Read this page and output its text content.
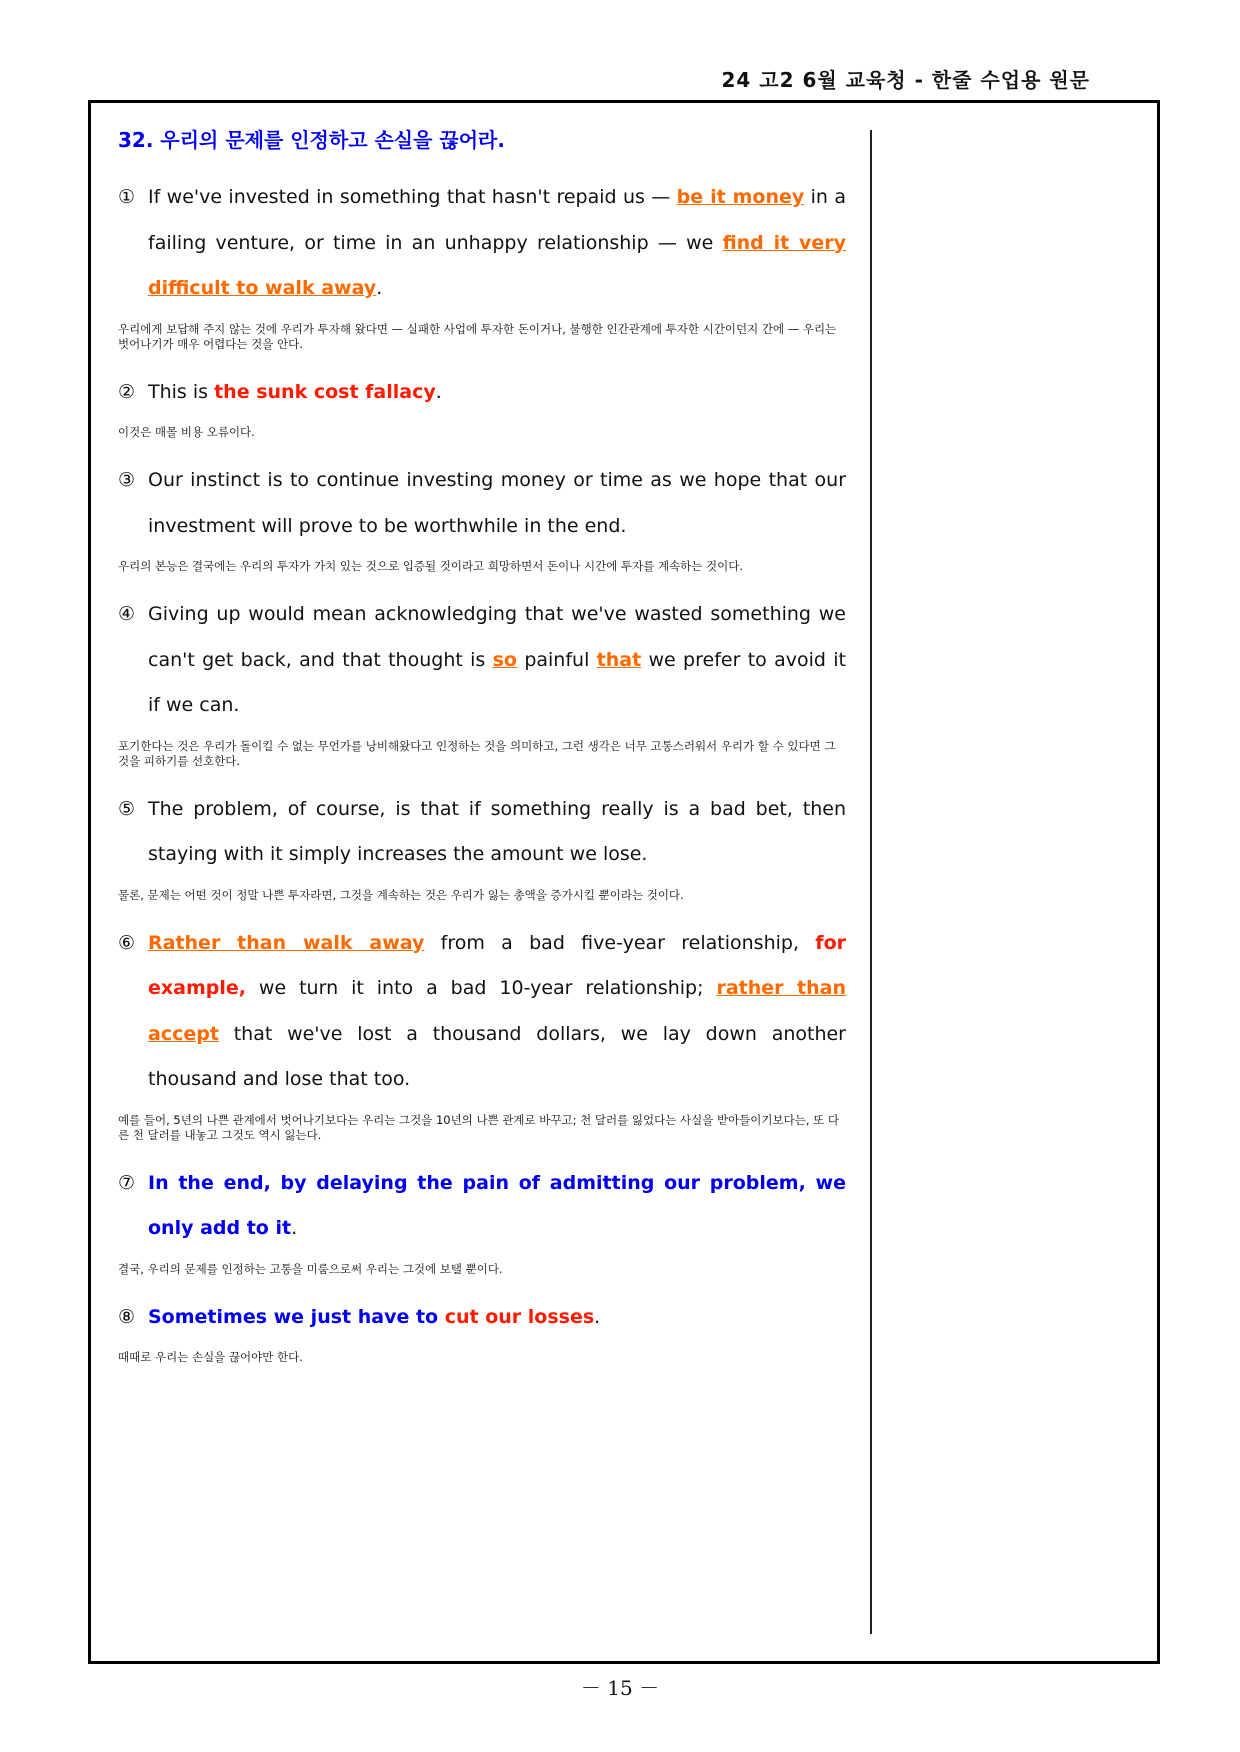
24 고2 6월 교육청 - 한줄 수업용 원문
32. 우리의 문제를 인정하고 손실을 끊어라.

① If we've invested in something that hasn't repaid us — be it money in a failing venture, or time in an unhappy relationship — we find it very difficult to walk away.

우리에게 보답해 주지 않는 것에 우리가 투자해 왔다면 — 실패한 사업에 투자한 돈이거나, 불행한 인간관계에 투자한 시간이던지 간에 — 우리는 벗어나기가 매우 어렵다는 것을 안다.

② This is the sunk cost fallacy.

이것은 매몰 비용 오류이다.

③ Our instinct is to continue investing money or time as we hope that our investment will prove to be worthwhile in the end.

우리의 본능은 결국에는 우리의 투자가 가치 있는 것으로 입증될 것이라고 희망하면서 돈이나 시간에 투자를 계속하는 것이다.

④ Giving up would mean acknowledging that we've wasted something we can't get back, and that thought is so painful that we prefer to avoid it if we can.

포기한다는 것은 우리가 돌이킬 수 없는 무언가를 낭비해왔다고 인정하는 것을 의미하고, 그런 생각은 너무 고통스러워서 우리가 할 수 있다면 그것을 피하기를 선호한다.

⑤ The problem, of course, is that if something really is a bad bet, then staying with it simply increases the amount we lose.

물론, 문제는 어떤 것이 정말 나쁜 투자라면, 그것을 계속하는 것은 우리가 잃는 총액을 증가시킬 뿐이라는 것이다.

⑥ Rather than walk away from a bad five-year relationship, for example, we turn it into a bad 10-year relationship; rather than accept that we've lost a thousand dollars, we lay down another thousand and lose that too.

예를 들어, 5년의 나쁜 관계에서 벗어나기보다는 우리는 그것을 10년의 나쁜 관계로 바꾸고; 천 달러를 잃었다는 사실을 받아들이기보다는, 또 다른 천 달러를 내놓고 그것도 역시 잃는다.

⑦ In the end, by delaying the pain of admitting our problem, we only add to it.

결국, 우리의 문제를 인정하는 고통을 미룸으로써 우리는 그것에 보탤 뿐이다.

⑧ Sometimes we just have to cut our losses.

때때로 우리는 손실을 끊어야만 한다.
－ 15 －
